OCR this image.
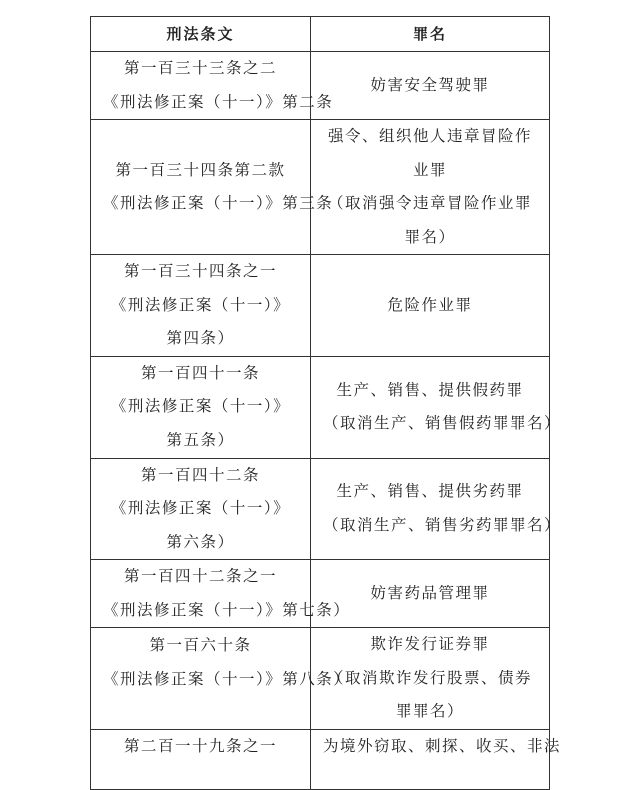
刑法条文	罪名

第一百三十三条之二
《刑法修正案（十一）》第二条	妨害安全驾驶罪

第一百三十四条第二款
《刑法修正案（十一）》第三条	强令、组织他人违章冒险作业罪
（取消强令违章冒险作业罪罪名）

第一百三十四条之一
《刑法修正案（十一）》第四条）	危险作业罪

第一百四十一条
《刑法修正案（十一）》第五条）	生产、销售、提供假药罪
（取消生产、销售假药罪罪名）

第一百四十二条
《刑法修正案（十一）》第六条）	生产、销售、提供劣药罪
（取消生产、销售劣药罪罪名）

第一百四十二条之一
《刑法修正案（十一）》第七条）	妨害药品管理罪

第一百六十条
《刑法修正案（十一）》第八条）	欺诈发行证券罪
（取消欺诈发行股票、债券罪罪名）

第二百一十九条之一	为境外窃取、刺探、收买、非法
